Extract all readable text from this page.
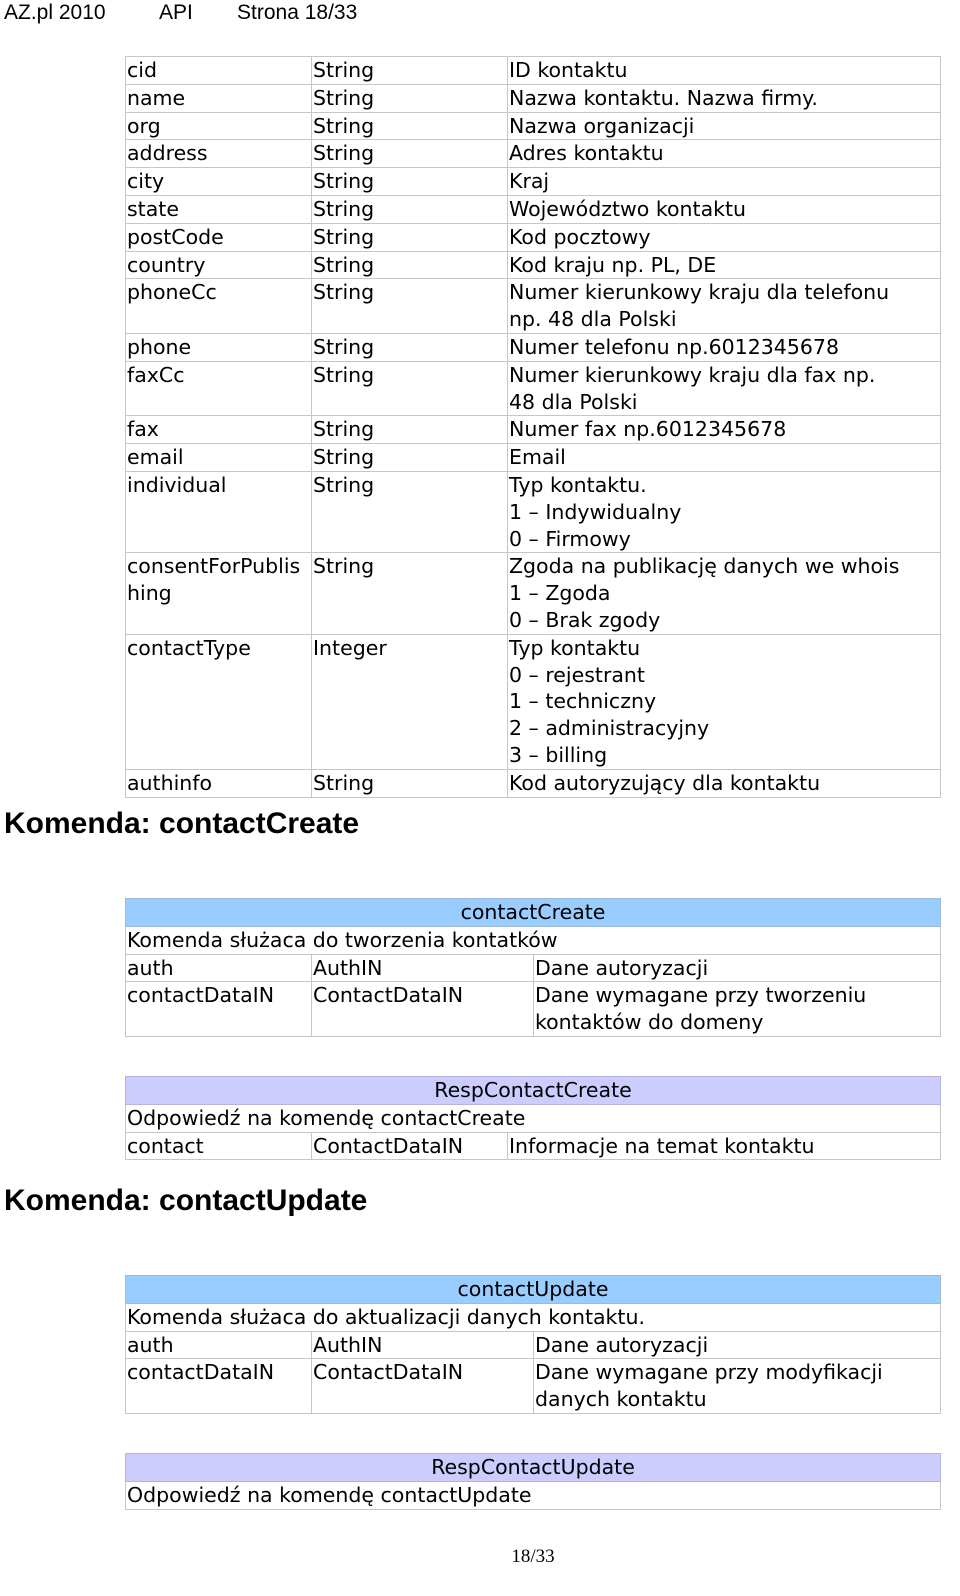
AZ.pl 2010	API Strona 18/33
cid	String	ID kontaktu

name	String	Nazwa kontaktu. Nazwa firmy.

org	String	Nazwa organizacji

address	String	Adres kontaktu

city	String	Kraj

state	String	Województwo kontaktu

postCode	String	Kod pocztowy

country	String	Kod kraju np. PL, DE

phoneCc	String	Numer kierunkowy kraju dla telefonu
np. 48 dla Polski

phone	String	Numer telefonu np.6012345678

faxCc	String	Numer kierunkowy kraju dla fax np.
48 dla Polski

fax	String	Numer fax np.6012345678

email	String	Email

individual	String	Typ kontaktu.
1 – Indywidualny
0 – Firmowy

consentForPublishing	String	Zgoda na publikację danych we whois
1 – Zgoda
0 – Brak zgody

contactType	Integer	Typ kontaktu
0 – rejestrant
1 – techniczny
2 – administracyjny
3 – billing

authinfo	String	Kod autoryzujący dla kontaktu
Komenda: contactCreate
contactCreate		
Komenda służaca do tworzenia kontatków		
auth	AuthIN	Dane autoryzacji

contactDataIN	ContactDataIN	Dane wymagane przy tworzeniu
kontaktów do domeny
RespContactCreate
Odpowiedź na komendę contactCreate
contact	ContactDataIN	Informacje na temat kontaktu
Komenda: contactUpdate
contactUpdate		
Komenda służaca do aktualizacji danych kontaktu.		
auth	AuthIN	Dane autoryzacji

contactDataIN	ContactDataIN	Dane wymagane przy modyfikacji
danych kontaktu
RespContactUpdate
Odpowiedź na komendę contactUpdate
18/33
